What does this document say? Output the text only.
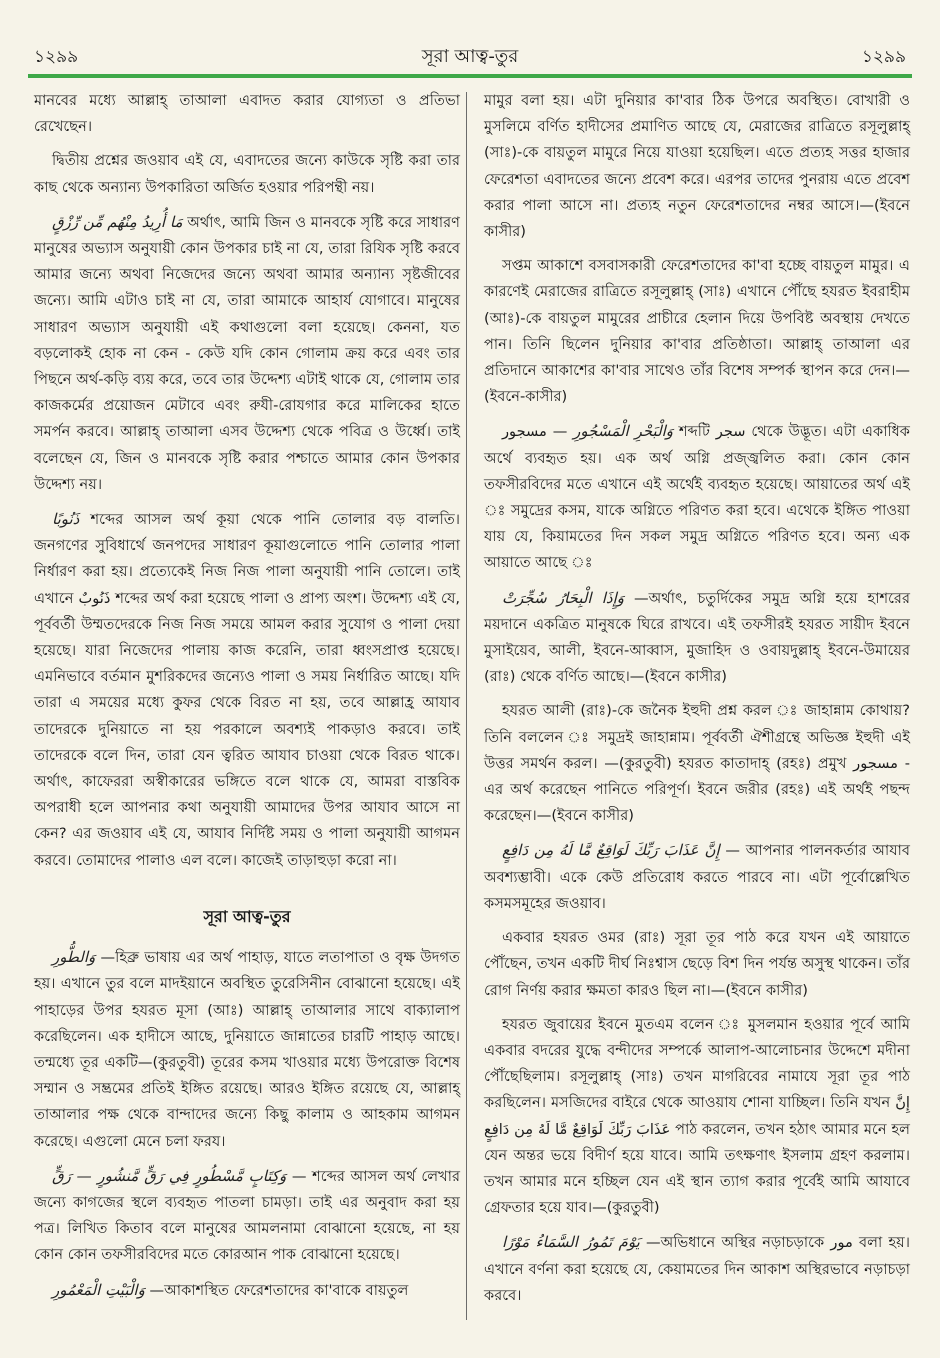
১২৯৯	সূরা আত্ব-তুর	১২৯৯

মানবের মধ্যে আল্লাহ্ তাআলা এবাদত করার যোগ্যতা ও প্রতিভা রেখেছেন।

দ্বিতীয় প্রশ্নের জওয়াব এই যে, এবাদতের জন্যে কাউকে সৃষ্টি করা তার কাছ থেকে অন্যান্য উপকারিতা অর্জিত হওয়ার পরিপন্থী নয়।

مَا أُرِيدُ مِنْهُم مِّن رِّزْقٍ অর্থাৎ, আমি জিন ও মানবকে সৃষ্টি করে সাধারণ মানুষের অভ্যাস অনুযায়ী কোন উপকার চাই না যে, তারা রিযিক সৃষ্টি করবে আমার জন্যে অথবা নিজেদের জন্যে অথবা আমার অন্যান্য সৃষ্টজীবের জন্যে। আমি এটাও চাই না যে, তারা আমাকে আহার্য যোগাবে। মানুষের সাধারণ অভ্যাস অনুযায়ী এই কথাগুলো বলা হয়েছে। কেননা, যত বড়লোকই হোক না কেন - কেউ যদি কোন গোলাম ক্রয় করে এবং তার পিছনে অর্থ-কড়ি ব্যয় করে, তবে তার উদ্দেশ্য এটাই থাকে যে, গোলাম তার কাজকর্মের প্রয়োজন মেটাবে এবং রুযী-রোযগার করে মালিকের হাতে সমর্পন করবে। আল্লাহ্ তাআলা এসব উদ্দেশ্য থেকে পবিত্র ও উর্ধ্বে। তাই বলেছেন যে, জিন ও মানবকে সৃষ্টি করার পশ্চাতে আমার কোন উপকার উদ্দেশ্য নয়।

ذَنُوبًا শব্দের আসল অর্থ কূয়া থেকে পানি তোলার বড় বালতি। জনগণের সুবিধার্থে জনপদের সাধারণ কূয়াগুলোতে পানি তোলার পালা নির্ধারণ করা হয়। প্রত্যেকেই নিজ নিজ পালা অনুযায়ী পানি তোলে। তাই এখানে ذَنُوبٌ শব্দের অর্থ করা হয়েছে পালা ও প্রাপ্য অংশ। উদ্দেশ্য এই যে, পূর্ববর্তী উম্মতদেরকে নিজ নিজ সময়ে আমল করার সুযোগ ও পালা দেয়া হয়েছে। যারা নিজেদের পালায় কাজ করেনি, তারা ধ্বংসপ্রাপ্ত হয়েছে। এমনিভাবে বর্তমান মুশরিকদের জন্যেও পালা ও সময় নির্ধারিত আছে। যদি তারা এ সময়ের মধ্যে কুফর থেকে বিরত না হয়, তবে আল্লাহ্র আযাব তাদেরকে দুনিয়াতে না হয় পরকালে অবশ্যই পাকড়াও করবে। তাই তাদেরকে বলে দিন, তারা যেন ত্বরিত আযাব চাওয়া থেকে বিরত থাকে। অর্থাৎ, কাফেররা অস্বীকারের ভঙ্গিতে বলে থাকে যে, আমরা বাস্তবিক অপরাধী হলে আপনার কথা অনুযায়ী আমাদের উপর আযাব আসে না কেন? এর জওয়াব এই যে, আযাব নির্দিষ্ট সময় ও পালা অনুযায়ী আগমন করবে। তোমাদের পালাও এল বলে। কাজেই তাড়াহুড়া করো না।

সূরা আত্ব-তুর

وَالطُّورِ —হিব্রু ভাষায় এর অর্থ পাহাড়, যাতে লতাপাতা ও বৃক্ষ উদগত হয়। এখানে তুর বলে মাদইয়ানে অবস্থিত তুরেসিনীন বোঝানো হয়েছে। এই পাহাড়ের উপর হযরত মূসা (আঃ) আল্লাহ্ তাআলার সাথে বাক্যালাপ করেছিলেন। এক হাদীসে আছে, দুনিয়াতে জান্নাতের চারটি পাহাড় আছে। তন্মধ্যে তূর একটি—(কুরতুবী) তূরের কসম খাওয়ার মধ্যে উপরোক্ত বিশেষ সম্মান ও সম্ভ্রমের প্রতিই ইঙ্গিত রয়েছে। আরও ইঙ্গিত রয়েছে যে, আল্লাহ্ তাআলার পক্ষ থেকে বান্দাদের জন্যে কিছু কালাম ও আহকাম আগমন করেছে। এগুলো মেনে চলা ফরয।

وَكِتَابٍ مَّسْطُورٍ فِي رَقٍّ مَّنشُورٍ — رَقٍّ — শব্দের আসল অর্থ লেখার জন্যে কাগজের স্থলে ব্যবহৃত পাতলা চামড়া। তাই এর অনুবাদ করা হয় পত্র। লিখিত কিতাব বলে মানুষের আমলনামা বোঝানো হয়েছে, না হয় কোন কোন তফসীরবিদের মতে কোরআন পাক বোঝানো হয়েছে।

وَالْبَيْتِ الْمَعْمُورِ —আকাশস্থিত ফেরেশতাদের কা'বাকে বায়তুল

মামুর বলা হয়। এটা দুনিয়ার কা'বার ঠিক উপরে অবস্থিত। বোখারী ও মুসলিমে বর্ণিত হাদীসের প্রমাণিত আছে যে, মেরাজের রাত্রিতে রসূলুল্লাহ্ (সাঃ)-কে বায়তুল মামুরে নিয়ে যাওয়া হয়েছিল। এতে প্রত্যহ সত্তর হাজার ফেরেশতা এবাদতের জন্যে প্রবেশ করে। এরপর তাদের পুনরায় এতে প্রবেশ করার পালা আসে না। প্রত্যহ নতুন ফেরেশতাদের নম্বর আসে।—(ইবনে কাসীর)

সপ্তম আকাশে বসবাসকারী ফেরেশতাদের কা'বা হচ্ছে বায়তুল মামুর। এ কারণেই মেরাজের রাত্রিতে রসূলুল্লাহ্ (সাঃ) এখানে পৌঁছে হযরত ইবরাহীম (আঃ)-কে বায়তুল মামুরের প্রাচীরে হেলান দিয়ে উপবিষ্ট অবস্থায় দেখতে পান। তিনি ছিলেন দুনিয়ার কা'বার প্রতিষ্ঠাতা। আল্লাহ্ তাআলা এর প্রতিদানে আকাশের কা'বার সাথেও তাঁর বিশেষ সম্পর্ক স্থাপন করে দেন।—(ইবনে-কাসীর)

وَالْبَحْرِ الْمَسْجُورِ — مسجور শব্দটি سجر থেকে উদ্ভূত। এটা একাধিক অর্থে ব্যবহৃত হয়। এক অর্থ অগ্নি প্রজ্জ্বলিত করা। কোন কোন তফসীরবিদের মতে এখানে এই অর্থেই ব্যবহৃত হয়েছে। আয়াতের অর্থ এই ঃ সমুদ্রের কসম, যাকে অগ্নিতে পরিণত করা হবে। এথেকে ইঙ্গিত পাওয়া যায় যে, কিয়ামতের দিন সকল সমুদ্র অগ্নিতে পরিণত হবে। অন্য এক আয়াতে আছে ঃ

وَإِذَا الْبِحَارُ سُجِّرَتْ —অর্থাৎ, চতুর্দিকের সমুদ্র অগ্নি হয়ে হাশরের ময়দানে একত্রিত মানুষকে ঘিরে রাখবে। এই তফসীরই হযরত সায়ীদ ইবনে মুসাইয়েব, আলী, ইবনে-আব্বাস, মুজাহিদ ও ওবায়দুল্লাহ্ ইবনে-উমায়ের (রাঃ) থেকে বর্ণিত আছে।—(ইবনে কাসীর)

হযরত আলী (রাঃ)-কে জনৈক ইহুদী প্রশ্ন করল ঃ জাহান্নাম কোথায়? তিনি বললেন ঃ সমুদ্রই জাহান্নাম। পূর্ববর্তী ঐশীগ্রন্থে অভিজ্ঞ ইহুদী এই উত্তর সমর্থন করল। —(কুরতুবী) হযরত কাতাদাহ্ (রহঃ) প্রমুখ مسجور - এর অর্থ করেছেন পানিতে পরিপূর্ণ। ইবনে জরীর (রহঃ) এই অর্থই পছন্দ করেছেন।—(ইবনে কাসীর)

إِنَّ عَذَابَ رَبِّكَ لَوَاقِعٌ مَّا لَهُ مِن دَافِعٍ — আপনার পালনকর্তার আযাব অবশ্যম্ভাবী। একে কেউ প্রতিরোধ করতে পারবে না। এটা পূর্বোল্লেখিত কসমসমূহের জওয়াব।

একবার হযরত ওমর (রাঃ) সূরা তূর পাঠ করে যখন এই আয়াতে পৌঁছেন, তখন একটি দীর্ঘ নিঃশ্বাস ছেড়ে বিশ দিন পর্যন্ত অসুস্থ থাকেন। তাঁর রোগ নির্ণয় করার ক্ষমতা কারও ছিল না।—(ইবনে কাসীর)

হযরত জুবায়ের ইবনে মুতএম বলেন ঃ মুসলমান হওয়ার পূর্বে আমি একবার বদরের যুদ্ধে বন্দীদের সম্পর্কে আলাপ-আলোচনার উদ্দেশে মদীনা পৌঁছেছিলাম। রসূলুল্লাহ্ (সাঃ) তখন মাগরিবের নামাযে সূরা তূর পাঠ করছিলেন। মসজিদের বাইরে থেকে আওয়ায শোনা যাচ্ছিল। তিনি যখন إِنَّ عَذَابَ رَبِّكَ لَوَاقِعٌ مَّا لَهُ مِن دَافِعٍ পাঠ করলেন, তখন হঠাৎ আমার মনে হল যেন অন্তর ভয়ে বিদীর্ণ হয়ে যাবে। আমি তৎক্ষণাৎ ইসলাম গ্রহণ করলাম। তখন আমার মনে হচ্ছিল যেন এই স্থান ত্যাগ করার পূর্বেই আমি আযাবে গ্রেফতার হয়ে যাব।—(কুরতুবী)

يَوْمَ تَمُورُ السَّمَاءُ مَوْرًا —অভিধানে অস্থির নড়াচড়াকে مور বলা হয়। এখানে বর্ণনা করা হয়েছে যে, কেয়ামতের দিন আকাশ অস্থিরভাবে নড়াচড়া করবে।
